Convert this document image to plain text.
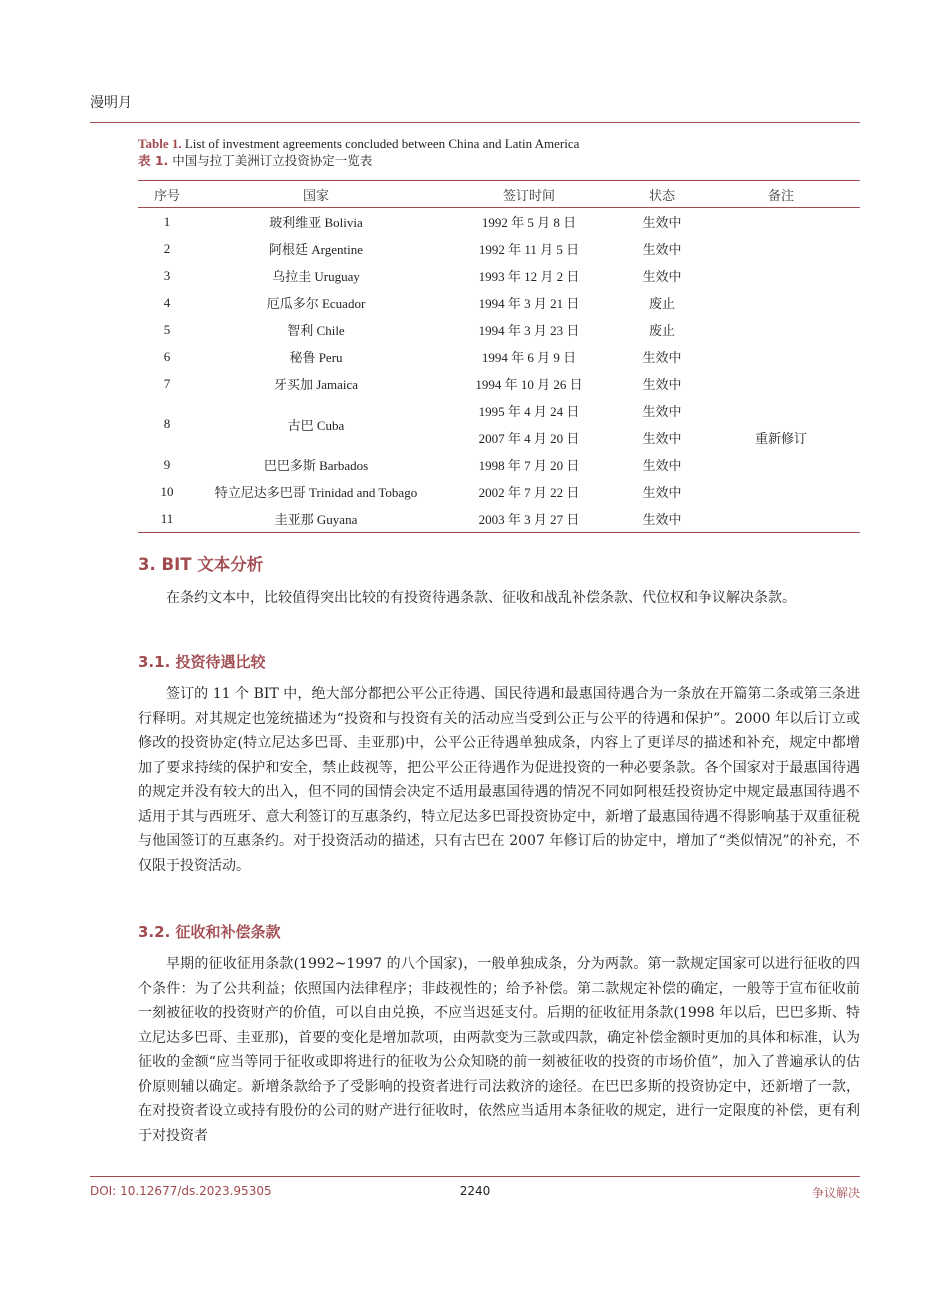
漫明月
Table 1. List of investment agreements concluded between China and Latin America
表 1. 中国与拉丁美洲订立投资协定一览表
序号	国家	签订时间	状态	备注
1	玻利维亚 Bolivia	1992 年 5 月 8 日	生效中	
2	阿根廷 Argentine	1992 年 11 月 5 日	生效中	
3	乌拉圭 Uruguay	1993 年 12 月 2 日	生效中	
4	厄瓜多尔 Ecuador	1994 年 3 月 21 日	废止	
5	智利 Chile	1994 年 3 月 23 日	废止	
6	秘鲁 Peru	1994 年 6 月 9 日	生效中	
7	牙买加 Jamaica	1994 年 10 月 26 日	生效中	
8	古巴 Cuba	1995 年 4 月 24 日	生效中	
		2007 年 4 月 20 日	生效中	重新修订
9	巴巴多斯 Barbados	1998 年 7 月 20 日	生效中	
10	特立尼达多巴哥 Trinidad and Tobago	2002 年 7 月 22 日	生效中	
11	圭亚那 Guyana	2003 年 3 月 27 日	生效中	
3. BIT 文本分析

在条约文本中，比较值得突出比较的有投资待遇条款、征收和战乱补偿条款、代位权和争议解决条款。

3.1. 投资待遇比较

签订的 11 个 BIT 中，绝大部分都把公平公正待遇、国民待遇和最惠国待遇合为一条放在开篇第二条或第三条进行释明。对其规定也笼统描述为“投资和与投资有关的活动应当受到公正与公平的待遇和保护”。2000 年以后订立或修改的投资协定(特立尼达多巴哥、圭亚那)中，公平公正待遇单独成条，内容上了更详尽的描述和补充，规定中都增加了要求持续的保护和安全，禁止歧视等，把公平公正待遇作为促进投资的一种必要条款。各个国家对于最惠国待遇的规定并没有较大的出入，但不同的国情会决定不适用最惠国待遇的情况不同如阿根廷投资协定中规定最惠国待遇不适用于其与西班牙、意大利签订的互惠条约，特立尼达多巴哥投资协定中，新增了最惠国待遇不得影响基于双重征税与他国签订的互惠条约。对于投资活动的描述，只有古巴在 2007 年修订后的协定中，增加了“类似情况”的补充，不仅限于投资活动。

3.2. 征收和补偿条款

早期的征收征用条款(1992~1997 的八个国家)，一般单独成条，分为两款。第一款规定国家可以进行征收的四个条件：为了公共利益；依照国内法律程序；非歧视性的；给予补偿。第二款规定补偿的确定，一般等于宣布征收前一刻被征收的投资财产的价值，可以自由兑换，不应当迟延支付。后期的征收征用条款(1998 年以后，巴巴多斯、特立尼达多巴哥、圭亚那)，首要的变化是增加款项，由两款变为三款或四款，确定补偿金额时更加的具体和标准，认为征收的金额“应当等同于征收或即将进行的征收为公众知晓的前一刻被征收的投资的市场价值”，加入了普遍承认的估价原则辅以确定。新增条款给予了受影响的投资者进行司法救济的途径。在巴巴多斯的投资协定中，还新增了一款，在对投资者设立或持有股份的公司的财产进行征收时，依然应当适用本条征收的规定，进行一定限度的补偿，更有利于对投资者

DOI: 10.12677/ds.2023.95305	2240	争议解决
